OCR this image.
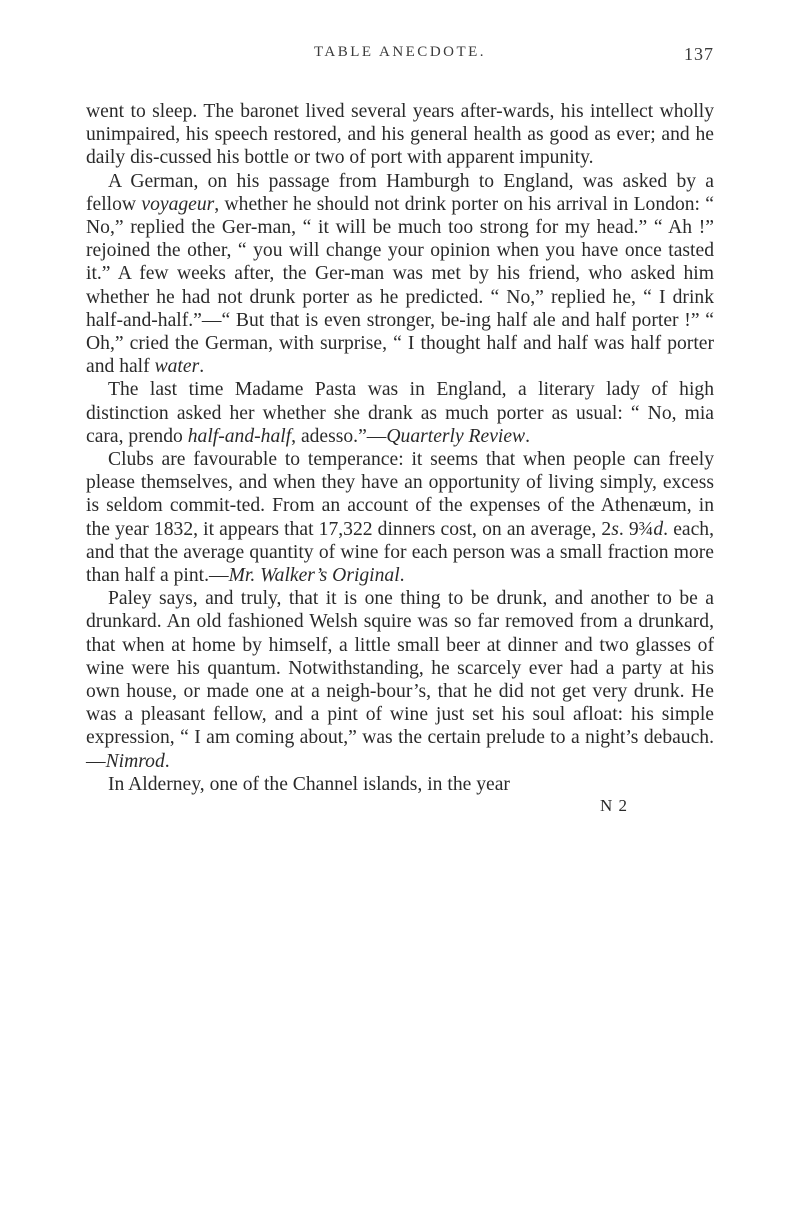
TABLE ANECDOTE.	137

went to sleep. The baronet lived several years after-wards, his intellect wholly unimpaired, his speech restored, and his general health as good as ever; and he daily dis-cussed his bottle or two of port with apparent impunity.

A German, on his passage from Hamburgh to England, was asked by a fellow voyageur, whether he should not drink porter on his arrival in London: “ No,” replied the Ger-man, “ it will be much too strong for my head.” “ Ah !” rejoined the other, “ you will change your opinion when you have once tasted it.” A few weeks after, the Ger-man was met by his friend, who asked him whether he had not drunk porter as he predicted. “ No,” replied he, “ I drink half-and-half.”—“ But that is even stronger, be-ing half ale and half porter !” “ Oh,” cried the German, with surprise, “ I thought half and half was half porter and half water.

The last time Madame Pasta was in England, a literary lady of high distinction asked her whether she drank as much porter as usual: “ No, mia cara, prendo half-and-half, adesso.”—Quarterly Review.

Clubs are favourable to temperance: it seems that when people can freely please themselves, and when they have an opportunity of living simply, excess is seldom commit-ted. From an account of the expenses of the Athenæum, in the year 1832, it appears that 17,322 dinners cost, on an average, 2s. 9¾d. each, and that the average quantity of wine for each person was a small fraction more than half a pint.—Mr. Walker’s Original.

Paley says, and truly, that it is one thing to be drunk, and another to be a drunkard. An old fashioned Welsh squire was so far removed from a drunkard, that when at home by himself, a little small beer at dinner and two glasses of wine were his quantum. Notwithstanding, he scarcely ever had a party at his own house, or made one at a neigh-bour’s, that he did not get very drunk. He was a pleasant fellow, and a pint of wine just set his soul afloat: his simple expression, “ I am coming about,” was the certain prelude to a night’s debauch.—Nimrod.

In Alderney, one of the Channel islands, in the year

N 2
